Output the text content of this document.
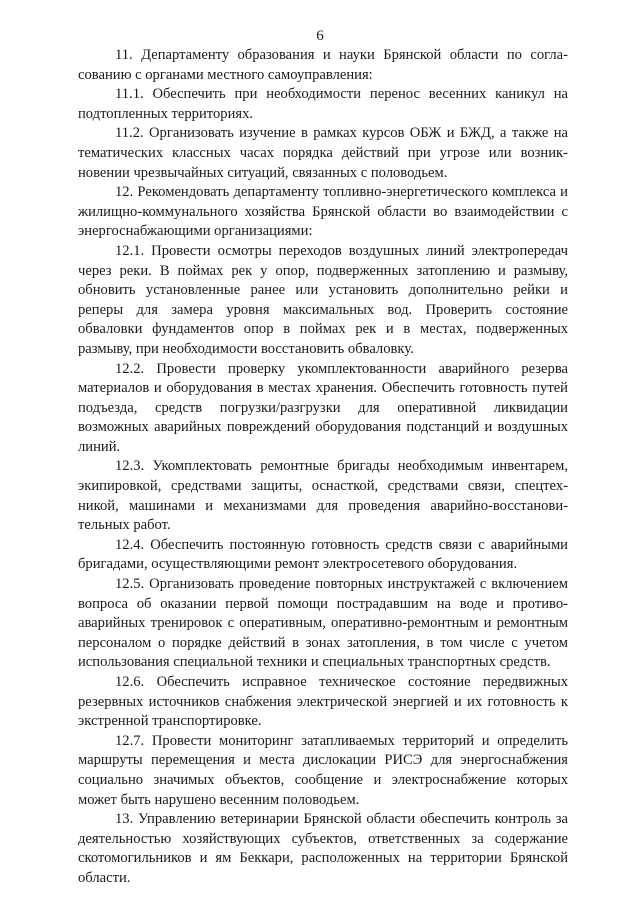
6

11. Департаменту образования и науки Брянской области по согла-сованию с органами местного самоуправления:

11.1. Обеспечить при необходимости перенос весенних каникул на подтопленных территориях.

11.2. Организовать изучение в рамках курсов ОБЖ и БЖД, а также на тематических классных часах порядка действий при угрозе или возник-новении чрезвычайных ситуаций, связанных с половодьем.

12. Рекомендовать департаменту топливно-энергетического комплекса и жилищно-коммунального хозяйства Брянской области во взаимодействии с энергоснабжающими организациями:

12.1. Провести осмотры переходов воздушных линий электропередач через реки. В поймах рек у опор, подверженных затоплению и размыву, обновить установленные ранее или установить дополнительно рейки и реперы для замера уровня максимальных вод. Проверить состояние обваловки фундаментов опор в поймах рек и в местах, подверженных размыву, при необходимости восстановить обваловку.

12.2. Провести проверку укомплектованности аварийного резерва материалов и оборудования в местах хранения. Обеспечить готовность путей подъезда, средств погрузки/разгрузки для оперативной ликвидации возможных аварийных повреждений оборудования подстанций и воздушных линий.

12.3. Укомплектовать ремонтные бригады необходимым инвентарем, экипировкой, средствами защиты, оснасткой, средствами связи, спецтех-никой, машинами и механизмами для проведения аварийно-восстанови-тельных работ.

12.4. Обеспечить постоянную готовность средств связи с аварийными бригадами, осуществляющими ремонт электросетевого оборудования.

12.5. Организовать проведение повторных инструктажей с включением вопроса об оказании первой помощи пострадавшим на воде и противо-аварийных тренировок с оперативным, оперативно-ремонтным и ремонтным персоналом о порядке действий в зонах затопления, в том числе с учетом использования специальной техники и специальных транспортных средств.

12.6. Обеспечить исправное техническое состояние передвижных резервных источников снабжения электрической энергией и их готовность к экстренной транспортировке.

12.7. Провести мониторинг затапливаемых территорий и определить маршруты перемещения и места дислокации РИСЭ для энергоснабжения социально значимых объектов, сообщение и электроснабжение которых может быть нарушено весенним половодьем.

13. Управлению ветеринарии Брянской области обеспечить контроль за деятельностью хозяйствующих субъектов, ответственных за содержание скотомогильников и ям Беккари, расположенных на территории Брянской области.
